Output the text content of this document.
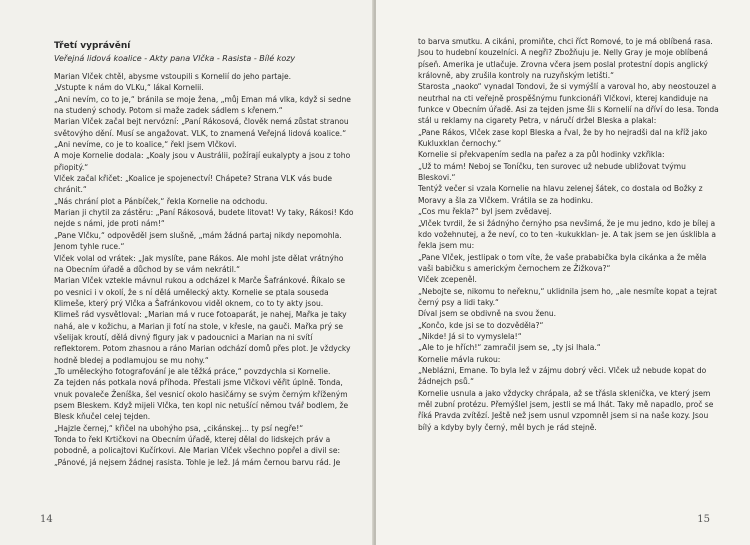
Třetí vyprávění

Veřejná lidová koalice - Akty pana Vlčka - Rasista - Bílé kozy

Marian Vlček chtěl, abysme vstoupili s Kornelií do jeho partaje.

„Vstupte k nám do VLKu,“ lákal Kornelii.

„Ani nevím, co to je,“ bránila se moje žena, „můj Eman má vlka, když si sedne na studený schody. Potom si maže zadek sádlem s křenem.“

Marian Vlček začal bejt nervózní: „Paní Rákosová, člověk nemá zůstat stranou světovýho dění. Musí se angažovat. VLK, to znamená Veřejná lidová koalice.“

„Ani nevíme, co je to koalice,“ řekl jsem Vlčkovi.

A moje Kornelie dodala: „Koaly jsou v Austrálii, požírají eukalypty a jsou z toho přiopitý.“

Vlček začal křičet: „Koalice je spojenectví! Chápete? Strana VLK vás bude chránit.“

„Nás chrání plot a Pánbíček,“ řekla Kornelie na odchodu.

Marian ji chytil za zástěru: „Paní Rákosová, budete litovat! Vy taky, Rákosi! Kdo nejde s námi, jde proti nám!“

„Pane Vlčku,“ odpověděl jsem slušně, „mám žádná partaj nikdy nepomohla. Jenom tyhle ruce.“

Vlček volal od vrátek: „Jak myslíte, pane Rákos. Ale mohl jste dělat vrátnýho na Obecním úřadě a důchod by se vám nekrátil.“

Marian Vlček vztekle mávnul rukou a odcházel k Marče Šafránkové. Říkalo se po vesnici i v okolí, že s ní dělá umělecký akty. Kornelie se ptala souseda Klimeše, který prý Vlčka a Šafránkovou viděl oknem, co to ty akty jsou.

Klimeš rád vysvětloval: „Marian má v ruce fotoaparát, je nahej, Mařka je taky nahá, ale v kožichu, a Marian ji fotí na stole, v křesle, na gauči. Mařka prý se všelijak kroutí, dělá divný figury jak v padoucnici a Marian na ni svítí reflektorem. Potom zhasnou a ráno Marian odchází domů přes plot. Je vždycky hodně bledej a podlamujou se mu nohy.“

„To uměleckýho fotografování je ale těžká práce,“ povzdychla si Kornelie.

Za tejden nás potkala nová příhoda. Přestali jsme Vlčkovi věřit úplně. Tonda, vnuk povaleče Ženíška, šel vesnicí okolo hasičárny se svým černým kříženým psem Bleskem. Když mijeli Vlčka, ten kopl nic netušící němou tvář bodlem, že Blesk kňučel celej tejden.

„Hajzle černej,“ křičel na ubohýho psa, „cikánskej... ty psí negře!“

Tonda to řekl Krtičkovi na Obecním úřadě, kterej dělal do lidskejch práv a pobodně, a policajtovi Kučírkovi. Ale Marian Vlček všechno popřel a divil se:

„Pánové, já nejsem žádnej rasista. Tohle je lež. Já mám černou barvu rád. Je

to barva smutku. A cikáni, promiňte, chci říct Romové, to je má oblíbená rasa. Jsou to hudební kouzelníci. A negři? Zbožňuju je. Nelly Gray je moje oblíbená píseň. Amerika je utlačuje. Zrovna včera jsem poslal protestní dopis anglický královně, aby zrušila kontroly na ruzyňským letišti.“

Starosta „naoko“ vynadal Tondovi, že si vymýšlí a varoval ho, aby neostouzel a neutrhal na cti veřejně prospěšnýmu funkcionáři Vlčkovi, kterej kandiduje na funkce v Obecním úřadě. Asi za tejden jsme šli s Kornelií na dříví do lesa. Tonda stál u reklamy na cigarety Petra, v náručí držel Bleska a plakal:

„Pane Rákos, Vlček zase kopl Bleska a řval, že by ho nejradši dal na kříž jako Kukluxklan černochy.“

Kornelie si překvapením sedla na pařez a za půl hodinky vzkřikla:

„Už to mám! Neboj se Toníčku, ten surovec už nebude ubližovat tvýmu Bleskovi.“

Tentýž večer si vzala Kornelie na hlavu zelenej šátek, co dostala od Božky z Moravy a šla za Vlčkem. Vrátila se za hodinku.

„Cos mu řekla?“ byl jsem zvědavej.

„Vlček tvrdil, že si žádnýho černýho psa nevšimá, že je mu jedno, kdo je bílej a kdo vožehnutej, a že neví, co to ten -kukukklan- je. A tak jsem se jen úsklibla a řekla jsem mu:

„Pane Vlček, jestlipak o tom víte, že vaše prababička byla cikánka a že měla vaši babičku s americkým černochem ze Žižkova?“

Vlček zcepeněl.

„Nebojte se, nikomu to neřeknu,“ uklidnila jsem ho, „ale nesmíte kopat a tejrat černý psy a lidi taky.“

Díval jsem se obdivně na svou ženu.

„Končo, kde jsi se to dozvěděla?“

„Nikde! Já si to vymyslela!“

„Ale to je hřích!“ zamračil jsem se, „ty jsi lhala.“

Kornelie mávla rukou:

„Neblázni, Emane. To byla lež v zájmu dobrý věci. Vlček už nebude kopat do žádnejch psů.“

Kornelie usnula a jako vždycky chrápala, až se třásla sklenička, ve který jsem měl zubní protézu. Přemýšlel jsem, jestli se má lhát. Taky mě napadlo, proč se říká Pravda zvítězí. Ještě než jsem usnul vzpomněl jsem si na naše kozy. Jsou bílý a kdyby byly černý, měl bych je rád stejně.

14	15
